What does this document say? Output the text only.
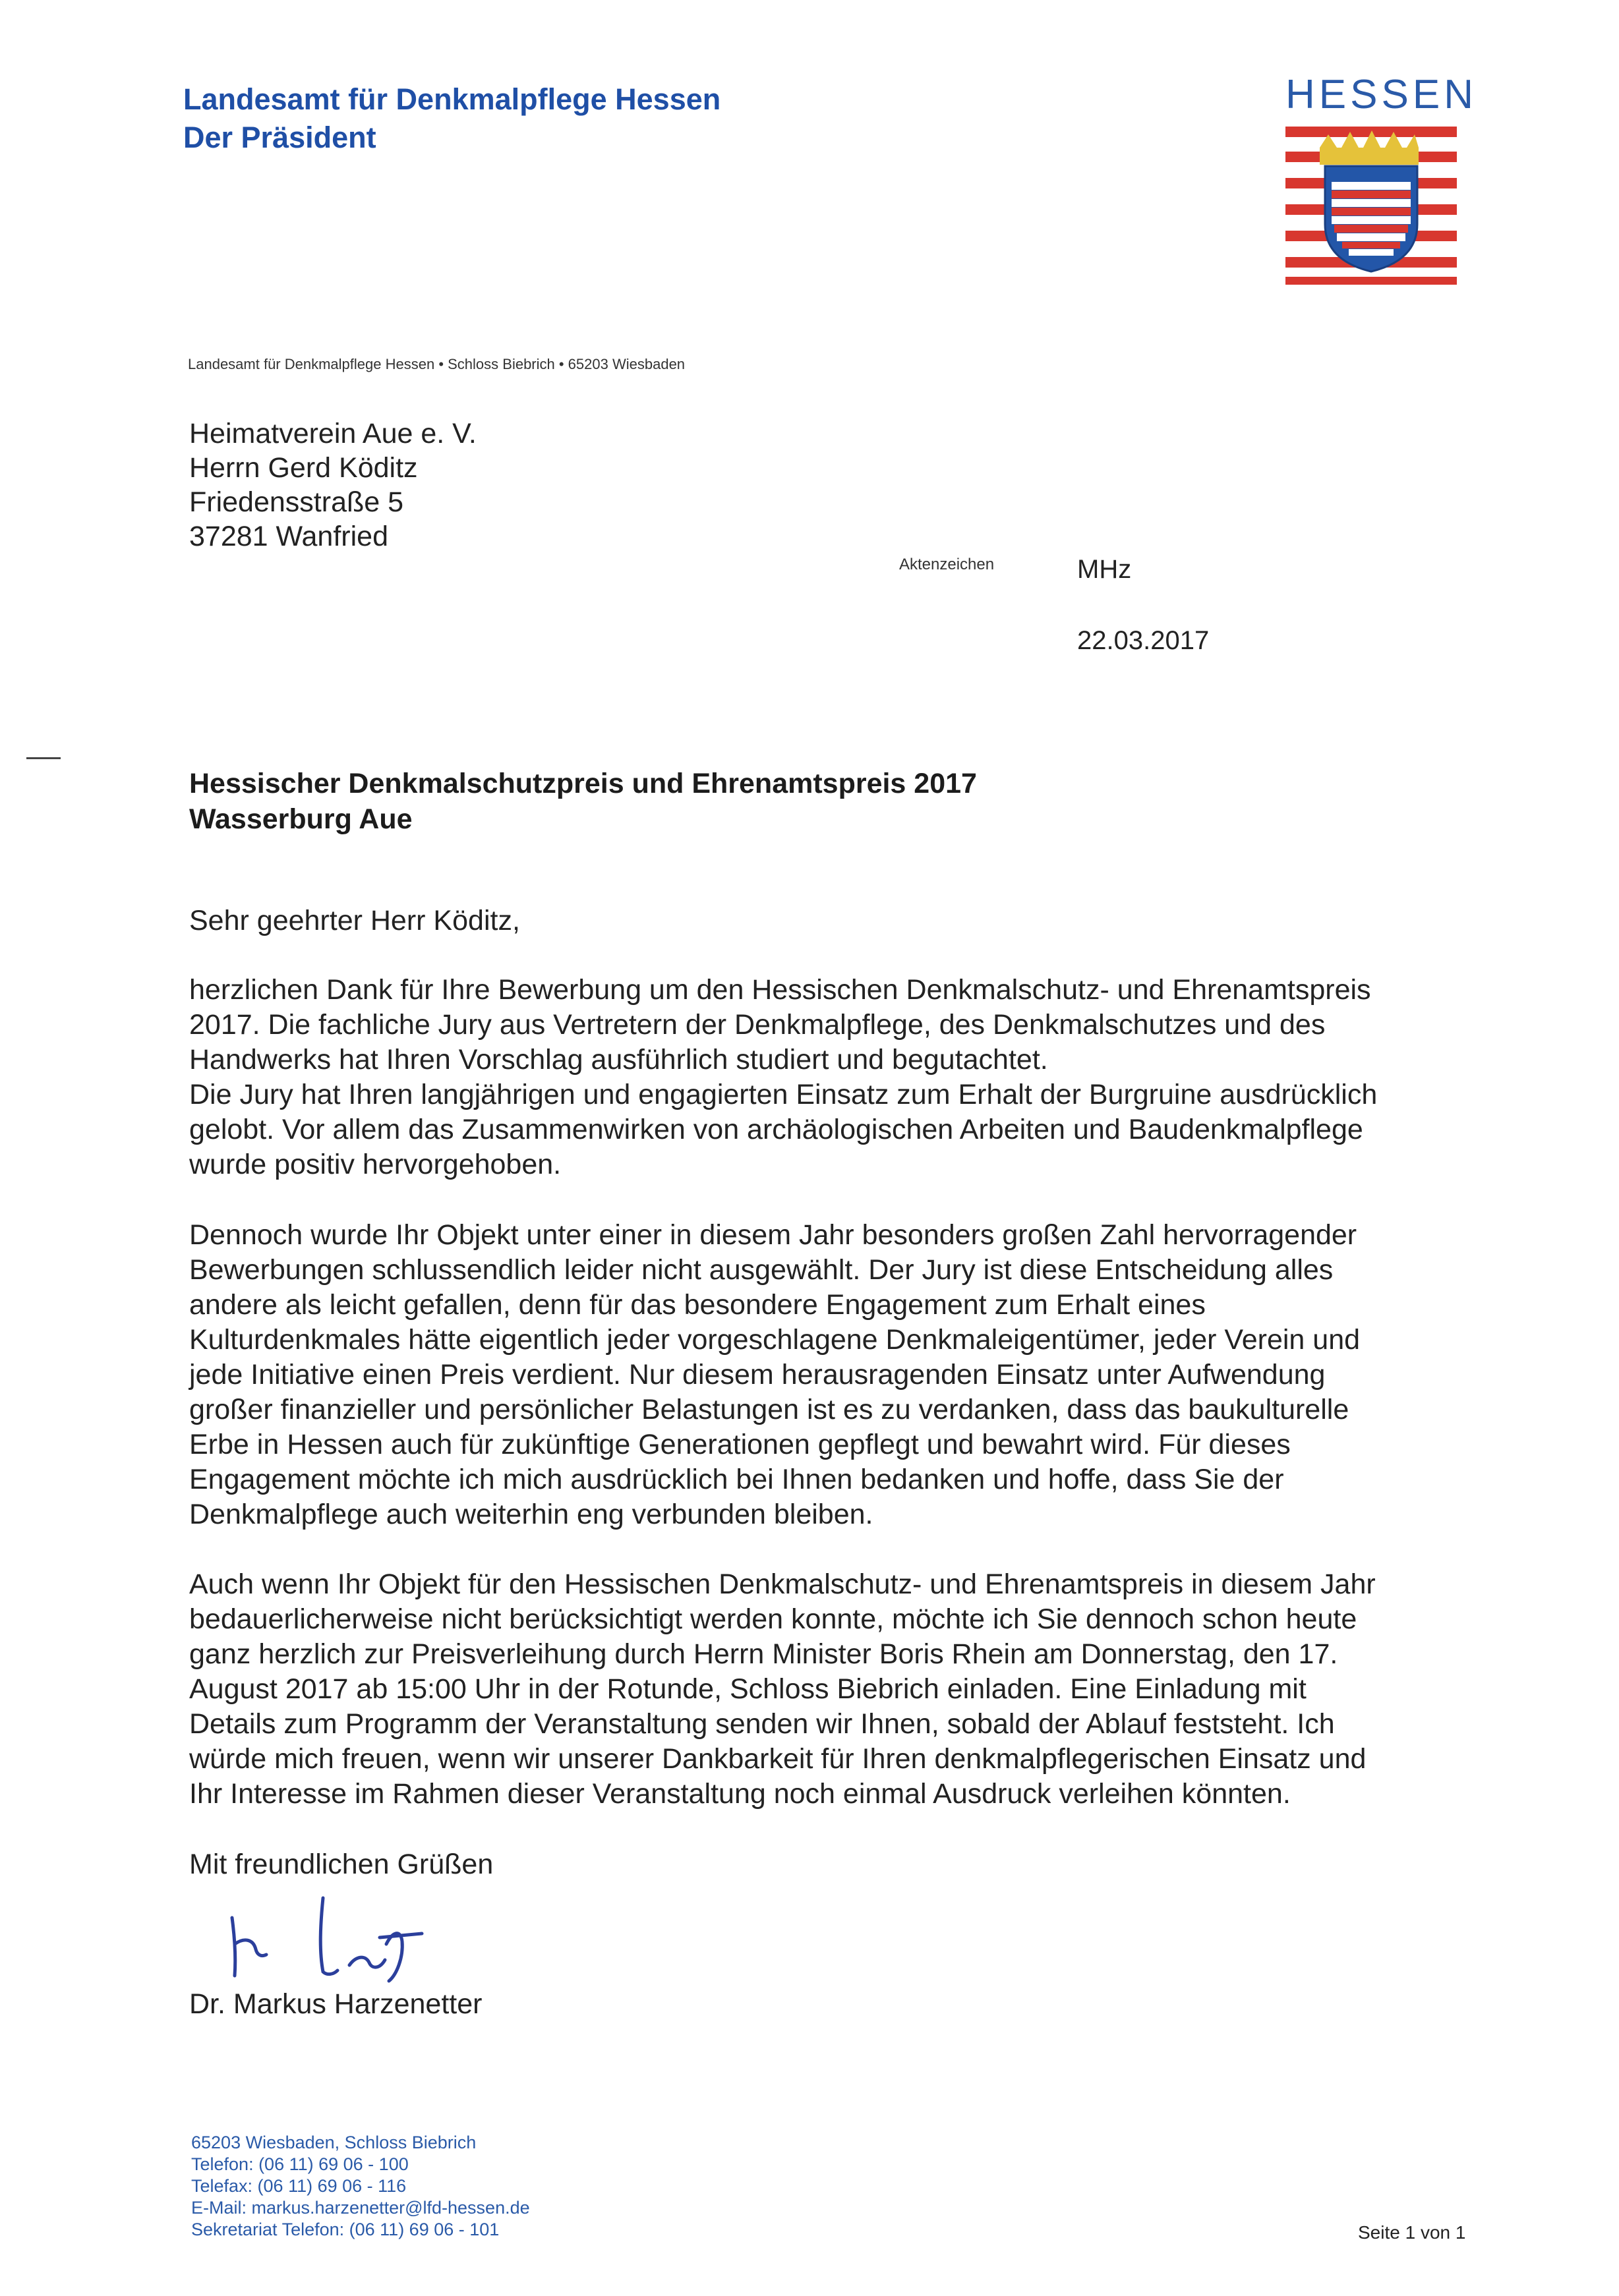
Landesamt für Denkmalpflege Hessen
Der Präsident
HESSEN
Landesamt für Denkmalpflege Hessen • Schloss Biebrich • 65203 Wiesbaden
Heimatverein Aue e. V.
Herrn Gerd Köditz
Friedensstraße 5
37281 Wanfried
Aktenzeichen	MHz
22.03.2017
Hessischer Denkmalschutzpreis und Ehrenamtspreis 2017
Wasserburg Aue
Sehr geehrter Herr Köditz,
herzlichen Dank für Ihre Bewerbung um den Hessischen Denkmalschutz- und Ehrenamtspreis
2017. Die fachliche Jury aus Vertretern der Denkmalpflege, des Denkmalschutzes und des
Handwerks hat Ihren Vorschlag ausführlich studiert und begutachtet.
Die Jury hat Ihren langjährigen und engagierten Einsatz zum Erhalt der Burgruine ausdrücklich
gelobt. Vor allem das Zusammenwirken von archäologischen Arbeiten und Baudenkmalpflege
wurde positiv hervorgehoben.
Dennoch wurde Ihr Objekt unter einer in diesem Jahr besonders großen Zahl hervorragender
Bewerbungen schlussendlich leider nicht ausgewählt. Der Jury ist diese Entscheidung alles
andere als leicht gefallen, denn für das besondere Engagement zum Erhalt eines
Kulturdenkmales hätte eigentlich jeder vorgeschlagene Denkmaleigentümer, jeder Verein und
jede Initiative einen Preis verdient. Nur diesem herausragenden Einsatz unter Aufwendung
großer finanzieller und persönlicher Belastungen ist es zu verdanken, dass das baukulturelle
Erbe in Hessen auch für zukünftige Generationen gepflegt und bewahrt wird. Für dieses
Engagement möchte ich mich ausdrücklich bei Ihnen bedanken und hoffe, dass Sie der
Denkmalpflege auch weiterhin eng verbunden bleiben.
Auch wenn Ihr Objekt für den Hessischen Denkmalschutz- und Ehrenamtspreis in diesem Jahr
bedauerlicherweise nicht berücksichtigt werden konnte, möchte ich Sie dennoch schon heute
ganz herzlich zur Preisverleihung durch Herrn Minister Boris Rhein am Donnerstag, den 17.
August 2017 ab 15:00 Uhr in der Rotunde, Schloss Biebrich einladen. Eine Einladung mit
Details zum Programm der Veranstaltung senden wir Ihnen, sobald der Ablauf feststeht. Ich
würde mich freuen, wenn wir unserer Dankbarkeit für Ihren denkmalpflegerischen Einsatz und
Ihr Interesse im Rahmen dieser Veranstaltung noch einmal Ausdruck verleihen könnten.
Mit freundlichen Grüßen
Dr. Markus Harzenetter
65203 Wiesbaden, Schloss Biebrich
Telefon: (06 11) 69 06 - 100
Telefax: (06 11) 69 06 - 116
E-Mail: markus.harzenetter@lfd-hessen.de
Sekretariat Telefon: (06 11) 69 06 - 101	Seite 1 von 1
